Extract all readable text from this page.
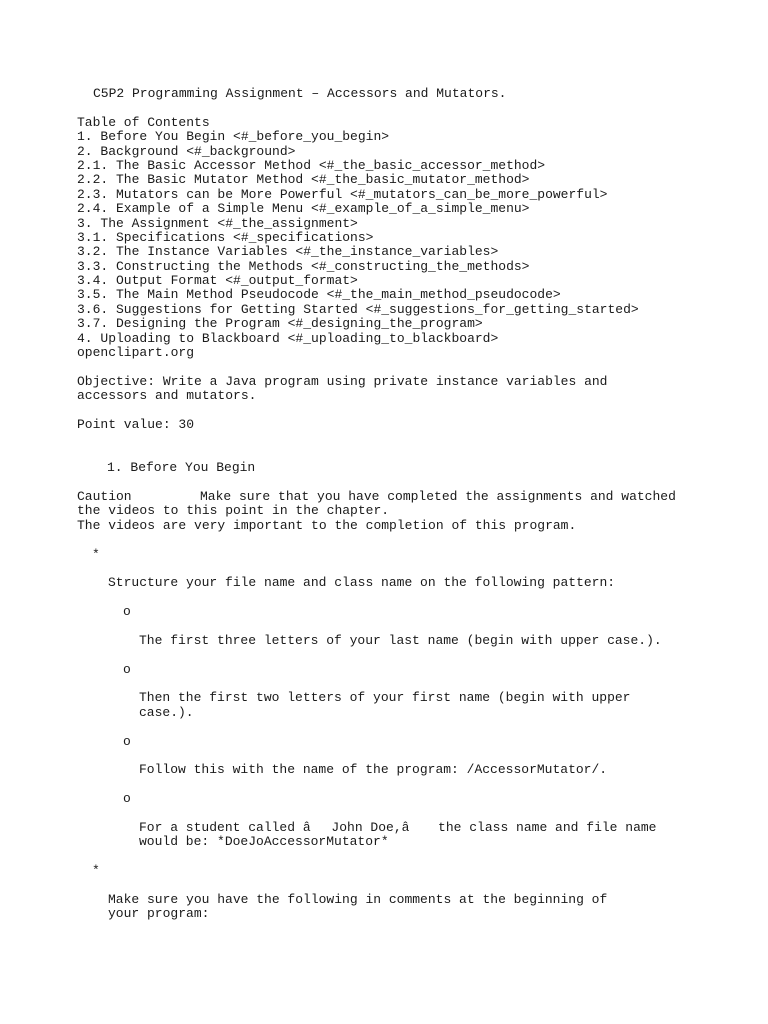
C5P2 Programming Assignment – Accessors and Mutators.
Table of Contents
1. Before You Begin <#_before_you_begin>
2. Background <#_background>
2.1. The Basic Accessor Method <#_the_basic_accessor_method>
2.2. The Basic Mutator Method <#_the_basic_mutator_method>
2.3. Mutators can be More Powerful <#_mutators_can_be_more_powerful>
2.4. Example of a Simple Menu <#_example_of_a_simple_menu>
3. The Assignment <#_the_assignment>
3.1. Specifications <#_specifications>
3.2. The Instance Variables <#_the_instance_variables>
3.3. Constructing the Methods <#_constructing_the_methods>
3.4. Output Format <#_output_format>
3.5. The Main Method Pseudocode <#_the_main_method_pseudocode>
3.6. Suggestions for Getting Started <#_suggestions_for_getting_started>
3.7. Designing the Program <#_designing_the_program>
4. Uploading to Blackboard <#_uploading_to_blackboard>
openclipart.org
Objective: Write a Java program using private instance variables and
accessors and mutators.
Point value: 30
1. Before You Begin
Caution	Make sure that you have completed the assignments and watched
the videos to this point in the chapter.
The videos are very important to the completion of this program.
*
Structure your file name and class name on the following pattern:
o
The first three letters of your last name (begin with upper case.).
o
Then the first two letters of your first name (begin with upper
case.).
o
Follow this with the name of the program: /AccessorMutator/.
o
For a student called âJohn Doe,â the class name and file name
would be: *DoeJoAccessorMutator*
*
Make sure you have the following in comments at the beginning of
your program:
